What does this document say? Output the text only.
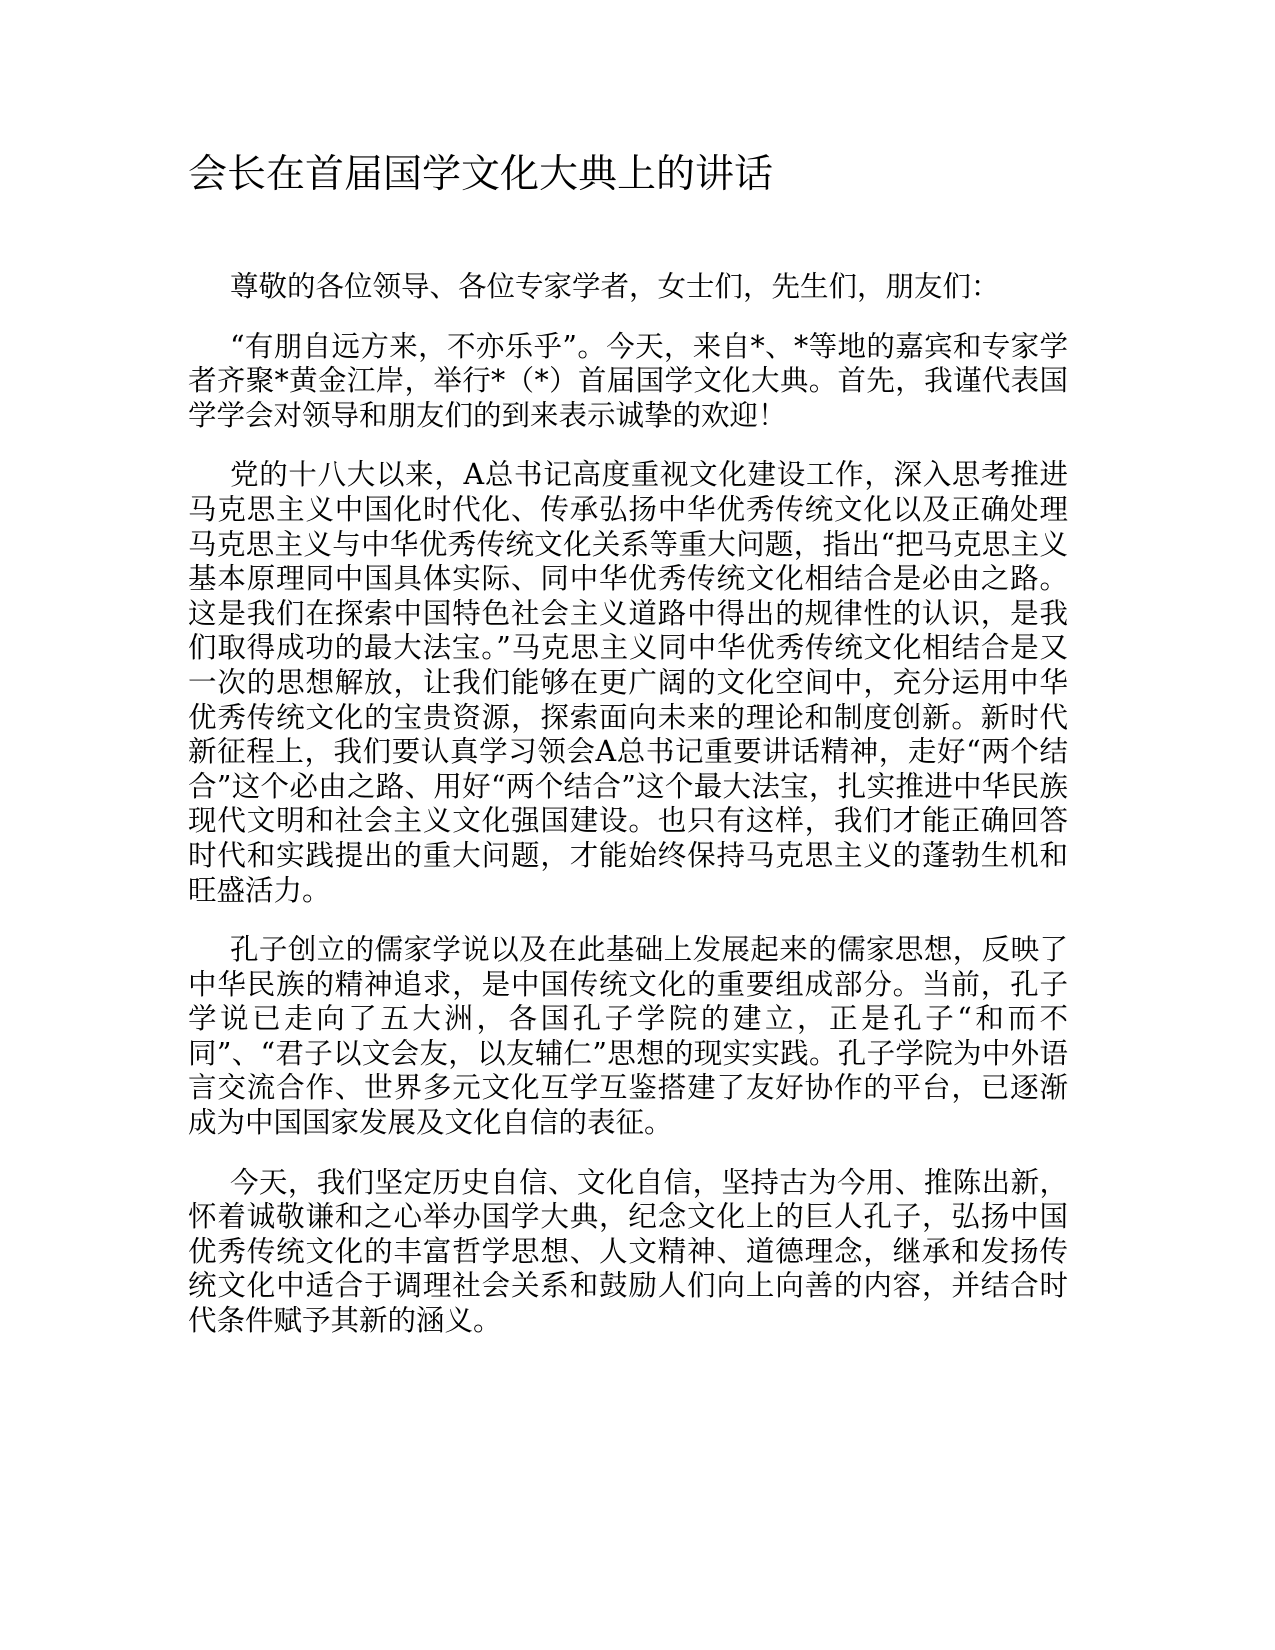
会长在首届国学文化大典上的讲话

尊敬的各位领导、各位专家学者，女士们，先生们，朋友们：

“有朋自远方来，不亦乐乎”。今天，来自*、*等地的嘉宾和专家学者齐聚*黄金江岸，举行*（*）首届国学文化大典。首先，我谨代表国学学会对领导和朋友们的到来表示诚挚的欢迎！

党的十八大以来，A总书记高度重视文化建设工作，深入思考推进马克思主义中国化时代化、传承弘扬中华优秀传统文化以及正确处理马克思主义与中华优秀传统文化关系等重大问题，指出“把马克思主义基本原理同中国具体实际、同中华优秀传统文化相结合是必由之路。这是我们在探索中国特色社会主义道路中得出的规律性的认识，是我们取得成功的最大法宝。”马克思主义同中华优秀传统文化相结合是又一次的思想解放，让我们能够在更广阔的文化空间中，充分运用中华优秀传统文化的宝贵资源，探索面向未来的理论和制度创新。新时代新征程上，我们要认真学习领会A总书记重要讲话精神，走好“两个结合”这个必由之路、用好“两个结合”这个最大法宝，扎实推进中华民族现代文明和社会主义文化强国建设。也只有这样，我们才能正确回答时代和实践提出的重大问题，才能始终保持马克思主义的蓬勃生机和旺盛活力。

孔子创立的儒家学说以及在此基础上发展起来的儒家思想，反映了中华民族的精神追求，是中国传统文化的重要组成部分。当前，孔子学说已走向了五大洲，各国孔子学院的建立，正是孔子“和而不同”、“君子以文会友，以友辅仁”思想的现实实践。孔子学院为中外语言交流合作、世界多元文化互学互鉴搭建了友好协作的平台，已逐渐成为中国国家发展及文化自信的表征。

今天，我们坚定历史自信、文化自信，坚持古为今用、推陈出新，怀着诚敬谦和之心举办国学大典，纪念文化上的巨人孔子，弘扬中国优秀传统文化的丰富哲学思想、人文精神、道德理念，继承和发扬传统文化中适合于调理社会关系和鼓励人们向上向善的内容，并结合时代条件赋予其新的涵义。
